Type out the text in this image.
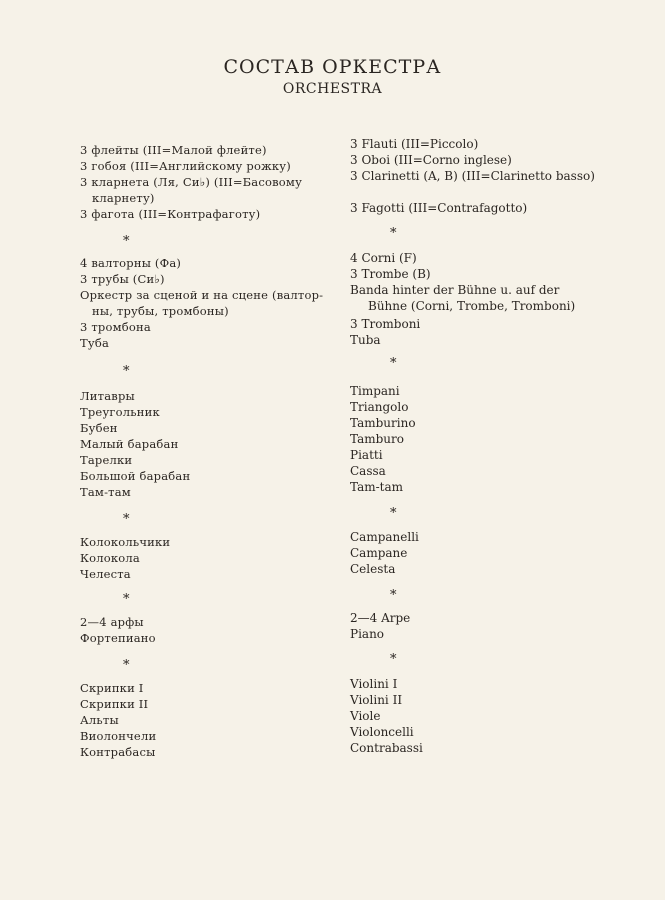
СОСТАВ ОРКЕСТРА
ORCHESTRA
3 флейты (III=Малой флейте)
3 гобоя (III=Английскому рожку)
3 кларнета (Ля, Си♭) (III=Басовому
кларнету)
3 фагота (III=Контрафаготу)
*
4 валторны (Фа)
3 трубы (Си♭)
Оркестр за сценой и на сцене (валтор-
ны, трубы, тромбоны)
3 тромбона
Туба
*
Литавры
Треугольник
Бубен
Малый барабан
Тарелки
Большой барабан
Там-там
*
Колокольчики
Колокола
Челеста
*
2—4 арфы
Фортепиано
*
Скрипки I
Скрипки II
Альты
Виолончели
Контрабасы
3 Flauti (III=Piccolo)
3 Oboi (III=Corno inglese)
3 Clarinetti (A, B) (III=Clarinetto basso)
3 Fagotti (III=Contrafagotto)
*
4 Corni (F)
3 Trombe (B)
Banda hinter der Bühne u. auf der
Bühne (Corni, Trombe, Tromboni)
3 Tromboni
Tuba
*
Timpani
Triangolo
Tamburino
Tamburo
Piatti
Cassa
Tam-tam
*
Campanelli
Campane
Celesta
*
2—4 Arpe
Piano
*
Violini I
Violini II
Viole
Violoncelli
Contrabassi
